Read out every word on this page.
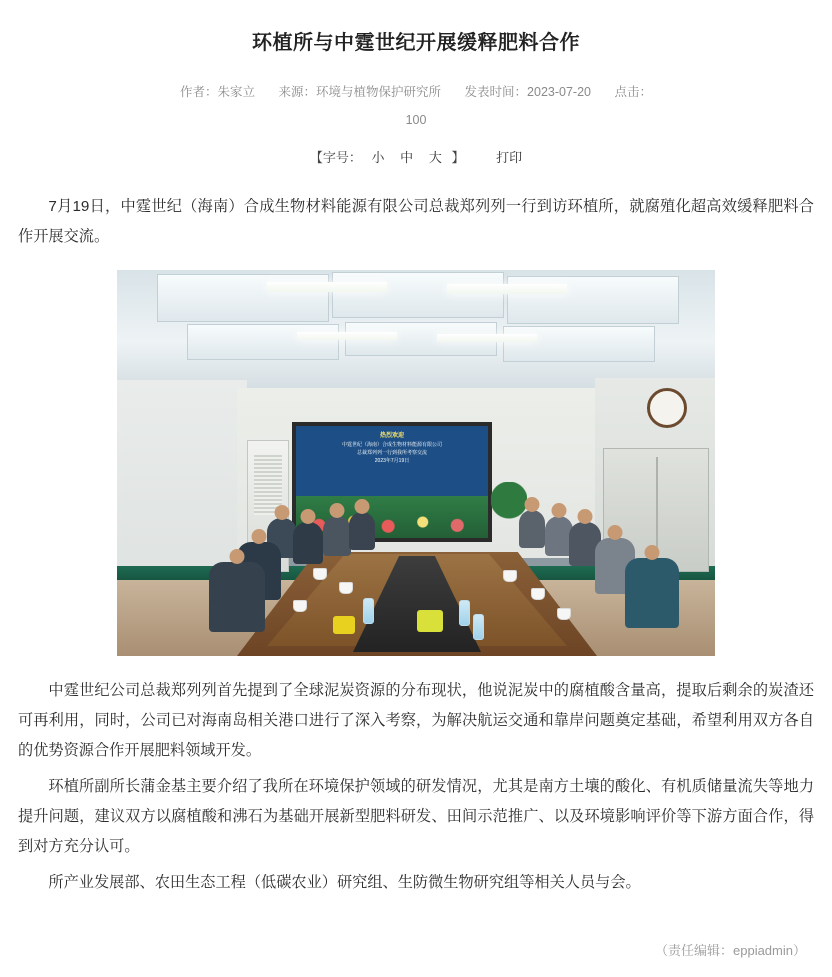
环植所与中霆世纪开展缓释肥料合作
作者：朱家立 来源：环境与植物保护研究所 发表时间：2023-07-20 点击：
100
【字号： 小 中 大 】 打印

7月19日，中霆世纪（海南）合成生物材料能源有限公司总裁郑列列一行到访环植所，就腐殖化超高效缓释肥料合作开展交流。

热烈欢迎
中霆世纪（海南）合成生物材料能源有限公司
总裁郑列列一行到我所考察交流
2023年7月19日

中霆世纪公司总裁郑列列首先提到了全球泥炭资源的分布现状，他说泥炭中的腐植酸含量高，提取后剩余的炭渣还可再利用，同时，公司已对海南岛相关港口进行了深入考察，为解决航运交通和靠岸问题奠定基础，希望利用双方各自的优势资源合作开展肥料领域开发。

环植所副所长蒲金基主要介绍了我所在环境保护领域的研发情况，尤其是南方土壤的酸化、有机质储量流失等地力提升问题，建议双方以腐植酸和沸石为基础开展新型肥料研发、田间示范推广、以及环境影响评价等下游方面合作，得到对方充分认可。

所产业发展部、农田生态工程（低碳农业）研究组、生防微生物研究组等相关人员与会。

（责任编辑：eppiadmin）
